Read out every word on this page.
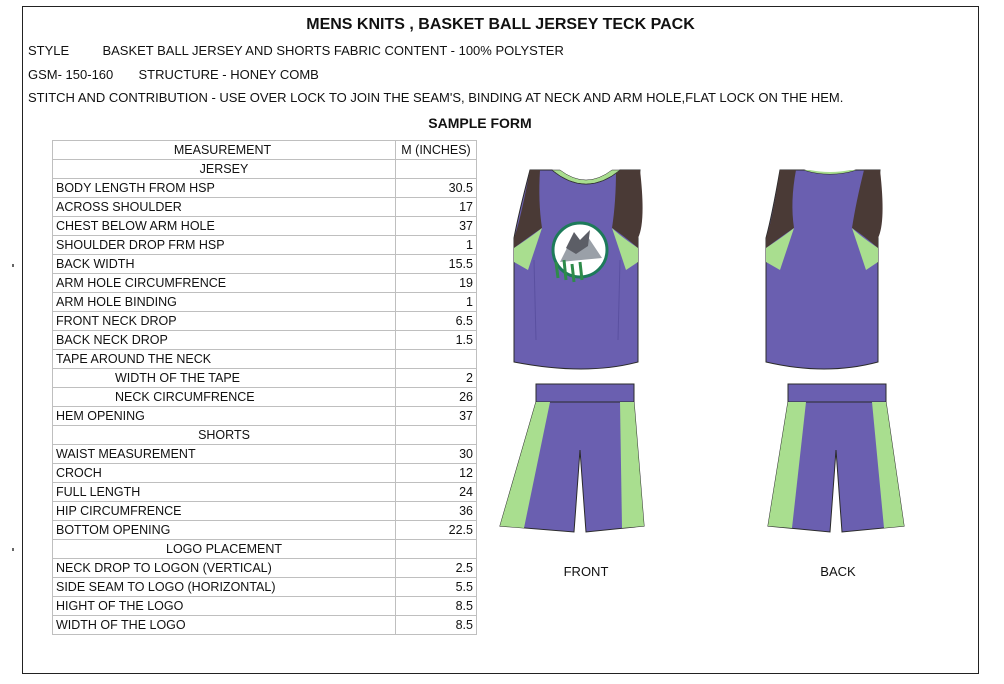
MENS KNITS , BASKET BALL JERSEY TECK PACK
STYLE	BASKET BALL JERSEY AND SHORTS FABRIC CONTENT - 100% POLYSTER
GSM- 150-160 STRUCTURE - HONEY COMB
STITCH AND CONTRIBUTION - USE OVER LOCK TO JOIN THE SEAM'S, BINDING AT NECK AND ARM HOLE,FLAT LOCK ON THE HEM.
SAMPLE FORM
MEASUREMENT	M (INCHES)
JERSEY	
BODY LENGTH FROM HSP	30.5
ACROSS SHOULDER	17
CHEST BELOW ARM HOLE	37
SHOULDER DROP FRM HSP	1
BACK WIDTH	15.5
ARM HOLE CIRCUMFRENCE	19
ARM HOLE BINDING	1
FRONT NECK DROP	6.5
BACK NECK DROP	1.5
TAPE AROUND THE NECK	
WIDTH OF THE TAPE	2
NECK CIRCUMFRENCE	26
HEM OPENING	37
SHORTS	
WAIST MEASUREMENT	30
CROCH	12
FULL LENGTH	24
HIP CIRCUMFRENCE	36
BOTTOM OPENING	22.5
LOGO PLACEMENT	
NECK DROP TO LOGON (VERTICAL)	2.5
SIDE SEAM TO LOGO (HORIZONTAL)	5.5
HIGHT OF THE LOGO	8.5
WIDTH OF THE LOGO	8.5
FRONT	BACK
